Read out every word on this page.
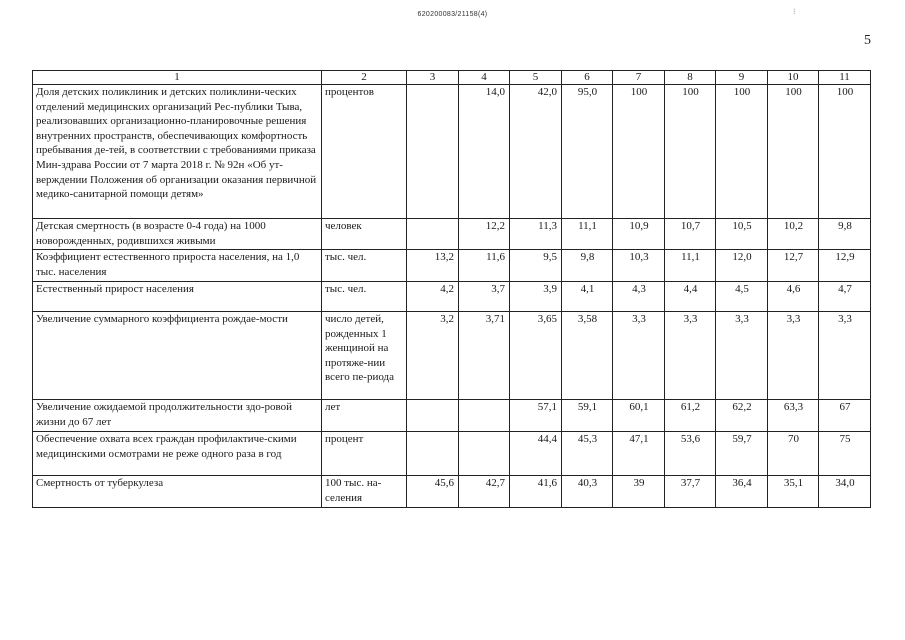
620200083/21158(4)	⁝
5
1	2	3	4	5	6	7	8	9	10	11
Доля детских поликлиник и детских поликлини-ческих отделений медицинских организаций Рес-публики Тыва, реализовавших организационно-планировочные решения внутренних пространств, обеспечивающих комфортность пребывания де-тей, в соответствии с требованиями приказа Мин-здрава России от 7 марта 2018 г. № 92н «Об ут-верждении Положения об организации оказания первичной медико-санитарной помощи детям»	процентов		14,0	42,0	95,0	100	100	100	100	100
Детская смертность (в возрасте 0-4 года) на 1000 новорожденных, родившихся живыми	человек		12,2	11,3	11,1	10,9	10,7	10,5	10,2	9,8
Коэффициент естественного прироста населения, на 1,0 тыс. населения	тыс. чел.	13,2	11,6	9,5	9,8	10,3	11,1	12,0	12,7	12,9
Естественный прирост населения	тыс. чел.	4,2	3,7	3,9	4,1	4,3	4,4	4,5	4,6	4,7
Увеличение суммарного коэффициента рождае-мости	число детей, рожденных 1 женщиной на протяже-нии всего пе-риода	3,2	3,71	3,65	3,58	3,3	3,3	3,3	3,3	3,3
Увеличение ожидаемой продолжительности здо-ровой жизни до 67 лет	лет			57,1	59,1	60,1	61,2	62,2	63,3	67
Обеспечение охвата всех граждан профилактиче-скими медицинскими осмотрами не реже одного раза в год	процент			44,4	45,3	47,1	53,6	59,7	70	75
Смертность от туберкулеза	100 тыс. на-селения	45,6	42,7	41,6	40,3	39	37,7	36,4	35,1	34,0
